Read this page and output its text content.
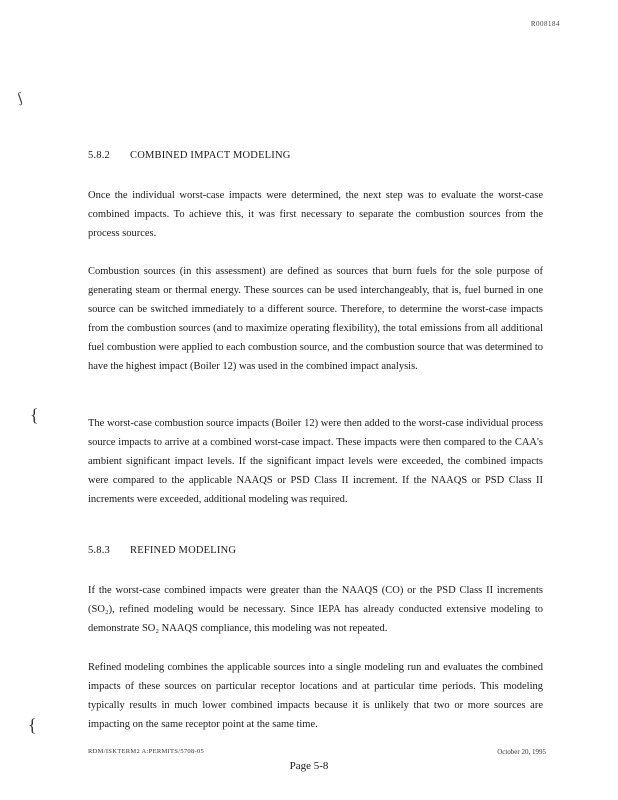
R008184
ʃ
{
{
5.8.2 COMBINED IMPACT MODELING

Once the individual worst-case impacts were determined, the next step was to evaluate the worst-case combined impacts. To achieve this, it was first necessary to separate the combustion sources from the process sources.

Combustion sources (in this assessment) are defined as sources that burn fuels for the sole purpose of generating steam or thermal energy. These sources can be used interchangeably, that is, fuel burned in one source can be switched immediately to a different source. Therefore, to determine the worst-case impacts from the combustion sources (and to maximize operating flexibility), the total emissions from all additional fuel combustion were applied to each combustion source, and the combustion source that was determined to have the highest impact (Boiler 12) was used in the combined impact analysis.

The worst-case combustion source impacts (Boiler 12) were then added to the worst-case individual process source impacts to arrive at a combined worst-case impact. These impacts were then compared to the CAA's ambient significant impact levels. If the significant impact levels were exceeded, the combined impacts were compared to the applicable NAAQS or PSD Class II increment. If the NAAQS or PSD Class II increments were exceeded, additional modeling was required.

5.8.3 REFINED MODELING

If the worst-case combined impacts were greater than the NAAQS (CO) or the PSD Class II increments (SO₂), refined modeling would be necessary. Since IEPA has already conducted extensive modeling to demonstrate SO₂ NAAQS compliance, this modeling was not repeated.

Refined modeling combines the applicable sources into a single modeling run and evaluates the combined impacts of these sources on particular receptor locations and at particular time periods. This modeling typically results in much lower combined impacts because it is unlikely that two or more sources are impacting on the same receptor point at the same time.

RDM/ISKTERM2 A:PERMITS/5708-05	October 20, 1995
Page 5-8
